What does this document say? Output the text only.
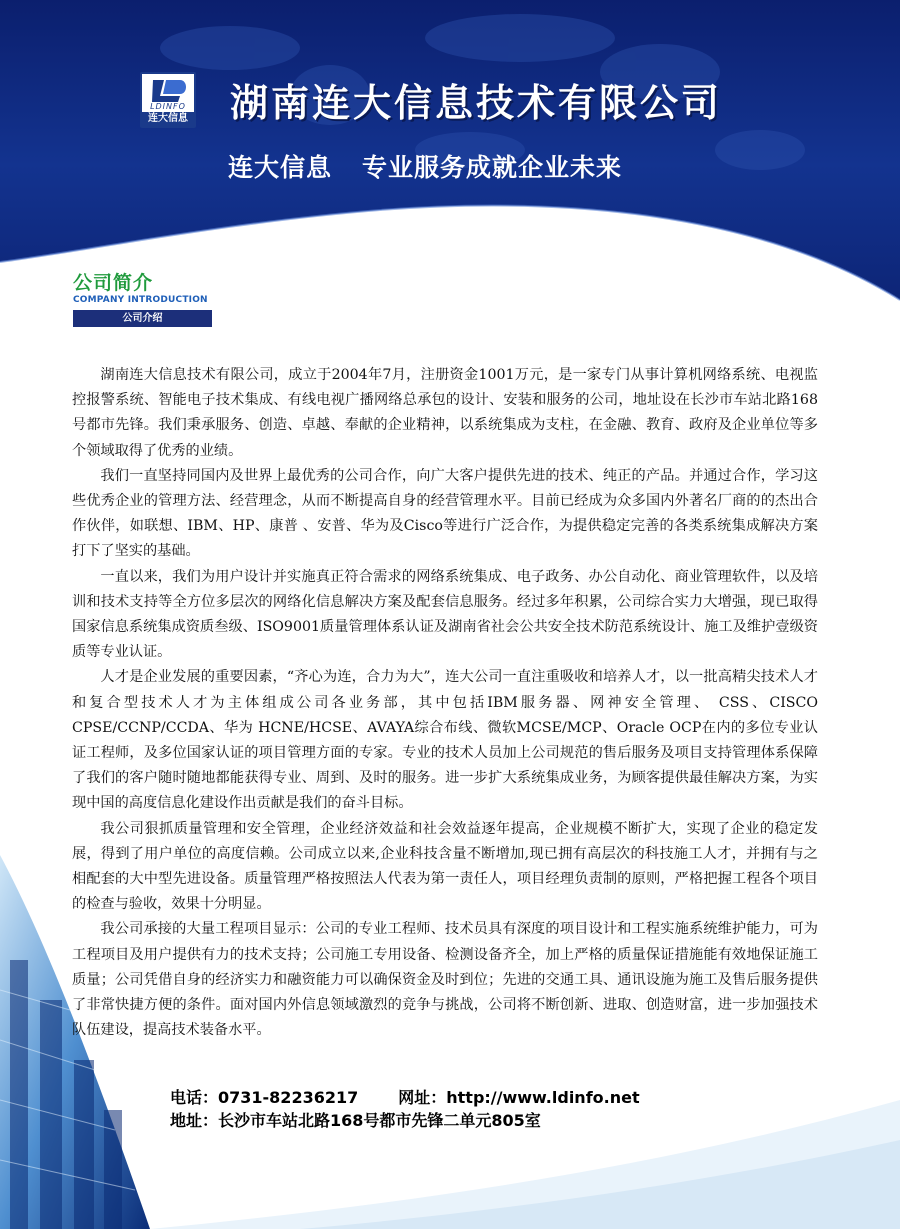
LDINFO
连大信息 湖南连大信息技术有限公司
连大信息 专业服务成就企业未来
公司简介
COMPANY INTRODUCTION
公司介绍

湖南连大信息技术有限公司，成立于2004年7月，注册资金1001万元，是一家专门从事计算机网络系统、电视监控报警系统、智能电子技术集成、有线电视广播网络总承包的设计、安装和服务的公司，地址设在长沙市车站北路168号都市先锋。我们秉承服务、创造、卓越、奉献的企业精神，以系统集成为支柱，在金融、教育、政府及企业单位等多个领域取得了优秀的业绩。

我们一直坚持同国内及世界上最优秀的公司合作，向广大客户提供先进的技术、纯正的产品。并通过合作，学习这些优秀企业的管理方法、经营理念，从而不断提高自身的经营管理水平。目前已经成为众多国内外著名厂商的的杰出合作伙伴，如联想、IBM、HP、康普 、安普、华为及Cisco等进行广泛合作，为提供稳定完善的各类系统集成解决方案打下了坚实的基础。

一直以来，我们为用户设计并实施真正符合需求的网络系统集成、电子政务、办公自动化、商业管理软件，以及培训和技术支持等全方位多层次的网络化信息解决方案及配套信息服务。经过多年积累，公司综合实力大增强，现已取得国家信息系统集成资质叁级、ISO9001质量管理体系认证及湖南省社会公共安全技术防范系统设计、施工及维护壹级资质等专业认证。

人才是企业发展的重要因素，“齐心为连，合力为大”，连大公司一直注重吸收和培养人才，以一批高精尖技术人才和复合型技术人才为主体组成公司各业务部，其中包括IBM服务器、网神安全管理、 CSS、CISCO CPSE/CCNP/CCDA、华为 HCNE/HCSE、AVAYA综合布线、微软MCSE/MCP、Oracle OCP在内的多位专业认证工程师，及多位国家认证的项目管理方面的专家。专业的技术人员加上公司规范的售后服务及项目支持管理体系保障了我们的客户随时随地都能获得专业、周到、及时的服务。进一步扩大系统集成业务，为顾客提供最佳解决方案，为实现中国的高度信息化建设作出贡献是我们的奋斗目标。

我公司狠抓质量管理和安全管理，企业经济效益和社会效益逐年提高，企业规模不断扩大，实现了企业的稳定发展，得到了用户单位的高度信赖。公司成立以来,企业科技含量不断增加,现已拥有高层次的科技施工人才，并拥有与之相配套的大中型先进设备。质量管理严格按照法人代表为第一责任人，项目经理负责制的原则，严格把握工程各个项目的检查与验收，效果十分明显。

我公司承接的大量工程项目显示：公司的专业工程师、技术员具有深度的项目设计和工程实施系统维护能力，可为工程项目及用户提供有力的技术支持；公司施工专用设备、检测设备齐全，加上严格的质量保证措施能有效地保证施工质量；公司凭借自身的经济实力和融资能力可以确保资金及时到位；先进的交通工具、通讯设施为施工及售后服务提供了非常快捷方便的条件。面对国内外信息领域激烈的竞争与挑战，公司将不断创新、进取、创造财富，进一步加强技术队伍建设，提高技术装备水平。

电话：0731-82236217	网址：http://www.ldinfo.net
地址：长沙市车站北路168号都市先锋二单元805室
